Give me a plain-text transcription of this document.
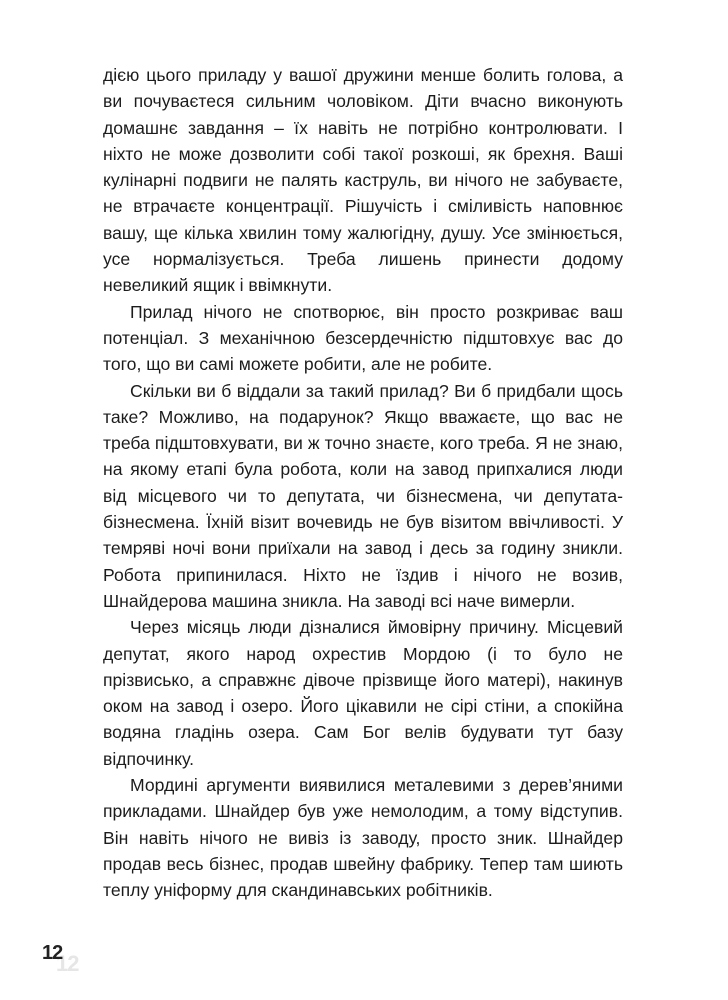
дією цього приладу у вашої дружини менше болить голова, а ви почуваєтеся сильним чоловіком. Діти вчасно виконують домашнє завдання – їх навіть не потрібно контролювати. І ніхто не може дозволити собі такої розкоші, як брехня. Ваші кулінарні подвиги не палять каструль, ви нічого не забуваєте, не втрачаєте концентрації. Рішучість і сміливість наповнює вашу, ще кілька хвилин тому жалюгідну, душу. Усе змінюється, усе нормалізується. Треба лишень принести додому невеликий ящик і ввімкнути.

Прилад нічого не спотворює, він просто розкриває ваш потенціал. З механічною безсердечністю підштовхує вас до того, що ви самі можете робити, але не робите.

Скільки ви б віддали за такий прилад? Ви б придбали щось таке? Можливо, на подарунок? Якщо вважаєте, що вас не треба підштовхувати, ви ж точно знаєте, кого треба. Я не знаю, на якому етапі була робота, коли на завод припхалися люди від місцевого чи то депутата, чи бізнесмена, чи депутата-бізнесмена. Їхній візит вочевидь не був візитом ввічливості. У темряві ночі вони приїхали на завод і десь за годину зникли. Робота припинилася. Ніхто не їздив і нічого не возив, Шнайдерова машина зникла. На заводі всі наче вимерли.

Через місяць люди дізналися ймовірну причину. Місцевий депутат, якого народ охрестив Мордою (і то було не прізвисько, а справжнє дівоче прізвище його матері), накинув оком на завод і озеро. Його цікавили не сірі стіни, а спокійна водяна гладінь озера. Сам Бог велів будувати тут базу відпочинку.

Мордині аргументи виявилися металевими з дерев’яними прикладами. Шнайдер був уже немолодим, а тому відступив. Він навіть нічого не вивіз із заводу, просто зник. Шнайдер продав весь бізнес, продав швейну фабрику. Тепер там шиють теплу уніформу для скандинавських робітників.

12
12
